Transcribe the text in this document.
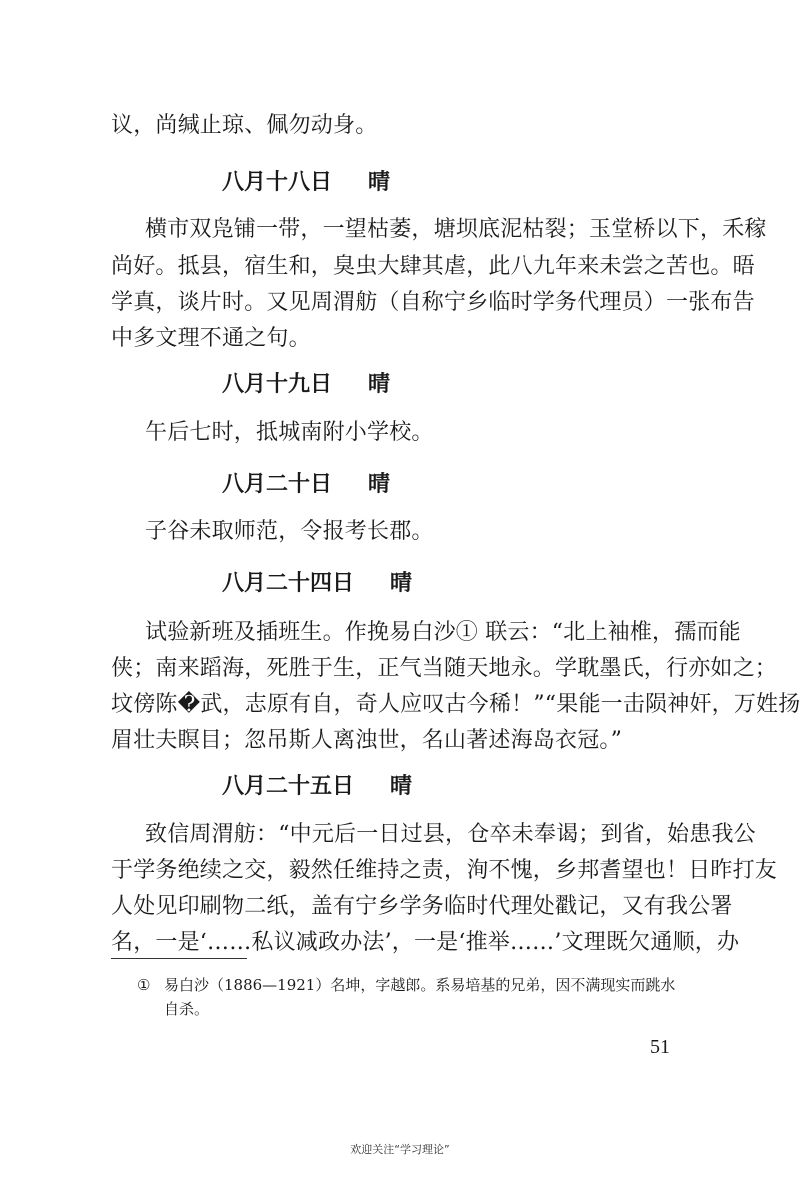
议，尚缄止琼、佩勿动身。
八月十八日 晴
横市双凫铺一带，一望枯萎，塘坝底泥枯裂；玉堂桥以下，禾稼
尚好。抵县，宿生和，臭虫大肆其虐，此八九年来未尝之苦也。晤
学真，谈片时。又见周渭舫（自称宁乡临时学务代理员）一张布告
中多文理不通之句。
八月十九日 晴
午后七时，抵城南附小学校。
八月二十日 晴
子谷未取师范，令报考长郡。
八月二十四日 晴
试验新班及插班生。作挽易白沙① 联云：“北上袖椎，孺而能
侠；南来蹈海，死胜于生，正气当随天地永。学耽墨氏，行亦如之；
坟傍陈�武，志原有自，奇人应叹古今稀！”“果能一击陨神奸，万姓扬
眉壮夫瞑目；忽吊斯人离浊世，名山著述海岛衣冠。”
八月二十五日 晴
致信周渭舫：“中元后一日过县，仓卒未奉谒；到省，始患我公
于学务绝续之交，毅然任维持之责，洵不愧，乡邦耆望也！日昨打友
人处见印刷物二纸，盖有宁乡学务临时代理处戳记，又有我公署
名，一是‘……私议减政办法’，一是‘推举……’文理既欠通顺，办
① 易白沙（1886—1921）名坤，字越郎。系易培基的兄弟，因不满现实而跳水
自杀。
51
欢迎关注“学习理论”
